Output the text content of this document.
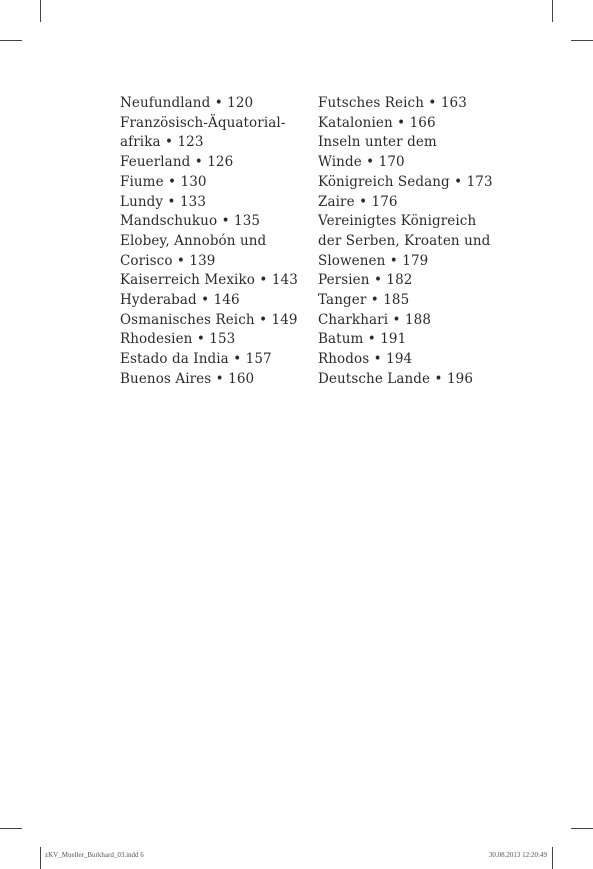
Neufundland • 120
Französisch-Äquatorial-
afrika • 123
Feuerland • 126
Fiume • 130
Lundy • 133
Mandschukuo • 135
Elobey, Annobón und
Corisco • 139
Kaiserreich Mexiko • 143
Hyderabad • 146
Osmanisches Reich • 149
Rhodesien • 153
Estado da India • 157
Buenos Aires • 160
Futsches Reich • 163
Katalonien • 166
Inseln unter dem
Winde • 170
Königreich Sedang • 173
Zaire • 176
Vereinigtes Königreich
der Serben, Kroaten und
Slowenen • 179
Persien • 182
Tanger • 185
Charkhari • 188
Batum • 191
Rhodos • 194
Deutsche Lande • 196
zKV_Mueller_Burkhard_03.indd 6	30.08.2013 12:20:49
